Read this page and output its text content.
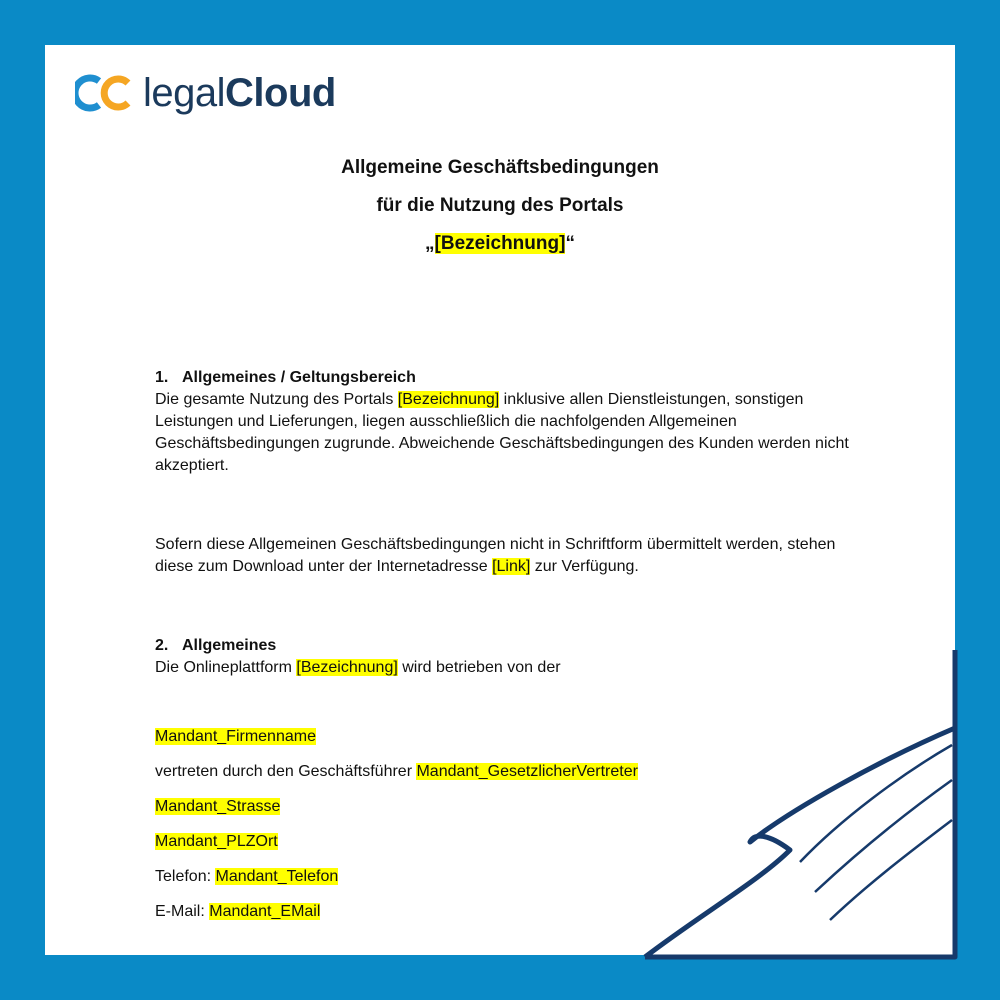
legalCloud
Allgemeine Geschäftsbedingungen
für die Nutzung des Portals
„[Bezeichnung]“

1. Allgemeines / Geltungsbereich

Die gesamte Nutzung des Portals [Bezeichnung] inklusive allen Dienstleistungen, sonstigen Leistungen und Lieferungen, liegen ausschließlich die nachfolgenden Allgemeinen Geschäftsbedingungen zugrunde. Abweichende Geschäftsbedingungen des Kunden werden nicht akzeptiert.

Sofern diese Allgemeinen Geschäftsbedingungen nicht in Schriftform übermittelt werden, stehen diese zum Download unter der Internetadresse [Link] zur Verfügung.

2. Allgemeines

Die Onlineplattform [Bezeichnung] wird betrieben von der

Mandant_Firmenname

vertreten durch den Geschäftsführer Mandant_GesetzlicherVertreter

Mandant_Strasse

Mandant_PLZOrt

Telefon: Mandant_Telefon

E-Mail: Mandant_EMail
